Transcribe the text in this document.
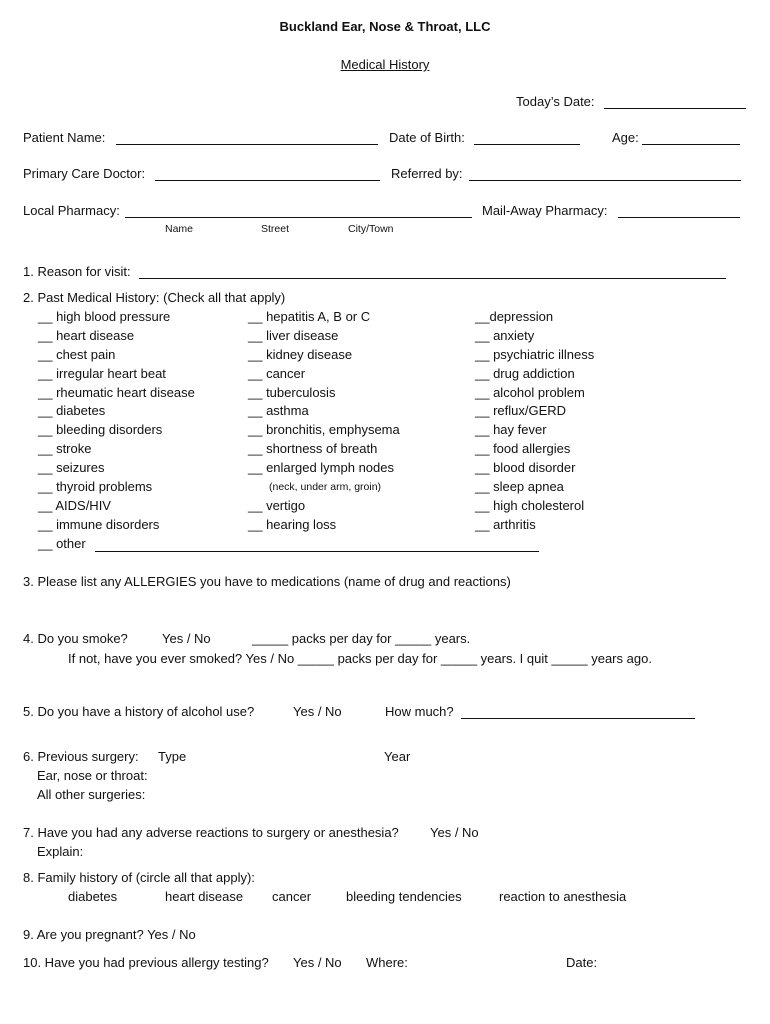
Buckland Ear, Nose & Throat, LLC
Medical History
Today’s Date:
Patient Name:	Date of Birth:	Age:
Primary Care Doctor:	Referred by:
Local Pharmacy:	Mail-Away Pharmacy:
Name	Street	City/Town
1. Reason for visit:
2. Past Medical History: (Check all that apply)
__ high blood pressure
__ heart disease
__ chest pain
__ irregular heart beat
__ rheumatic heart disease
__ diabetes
__ bleeding disorders
__ stroke
__ seizures
__ thyroid problems
__ AIDS/HIV
__ immune disorders
__ hepatitis A, B or C
__ liver disease
__ kidney disease
__ cancer
__ tuberculosis
__ asthma
__ bronchitis, emphysema
__ shortness of breath
__ enlarged lymph nodes
(neck, under arm, groin)
__ vertigo
__ hearing loss
__depression
__ anxiety
__ psychiatric illness
__ drug addiction
__ alcohol problem
__ reflux/GERD
__ hay fever
__ food allergies
__ blood disorder
__ sleep apnea
__ high cholesterol
__ arthritis
__ other
3. Please list any ALLERGIES you have to medications (name of drug and reactions)
4. Do you smoke?	Yes / No	_____ packs per day for _____ years.
If not, have you ever smoked? Yes / No _____ packs per day for _____ years. I quit _____ years ago.
5. Do you have a history of alcohol use?	Yes / No	How much?
6. Previous surgery: Type	Year
Ear, nose or throat:
All other surgeries:
7. Have you had any adverse reactions to surgery or anesthesia? Yes / No
Explain:
8. Family history of (circle all that apply):
diabetes	heart disease cancer	bleeding tendencies	reaction to anesthesia
9. Are you pregnant? Yes / No
10. Have you had previous allergy testing? Yes / No Where:	Date:
